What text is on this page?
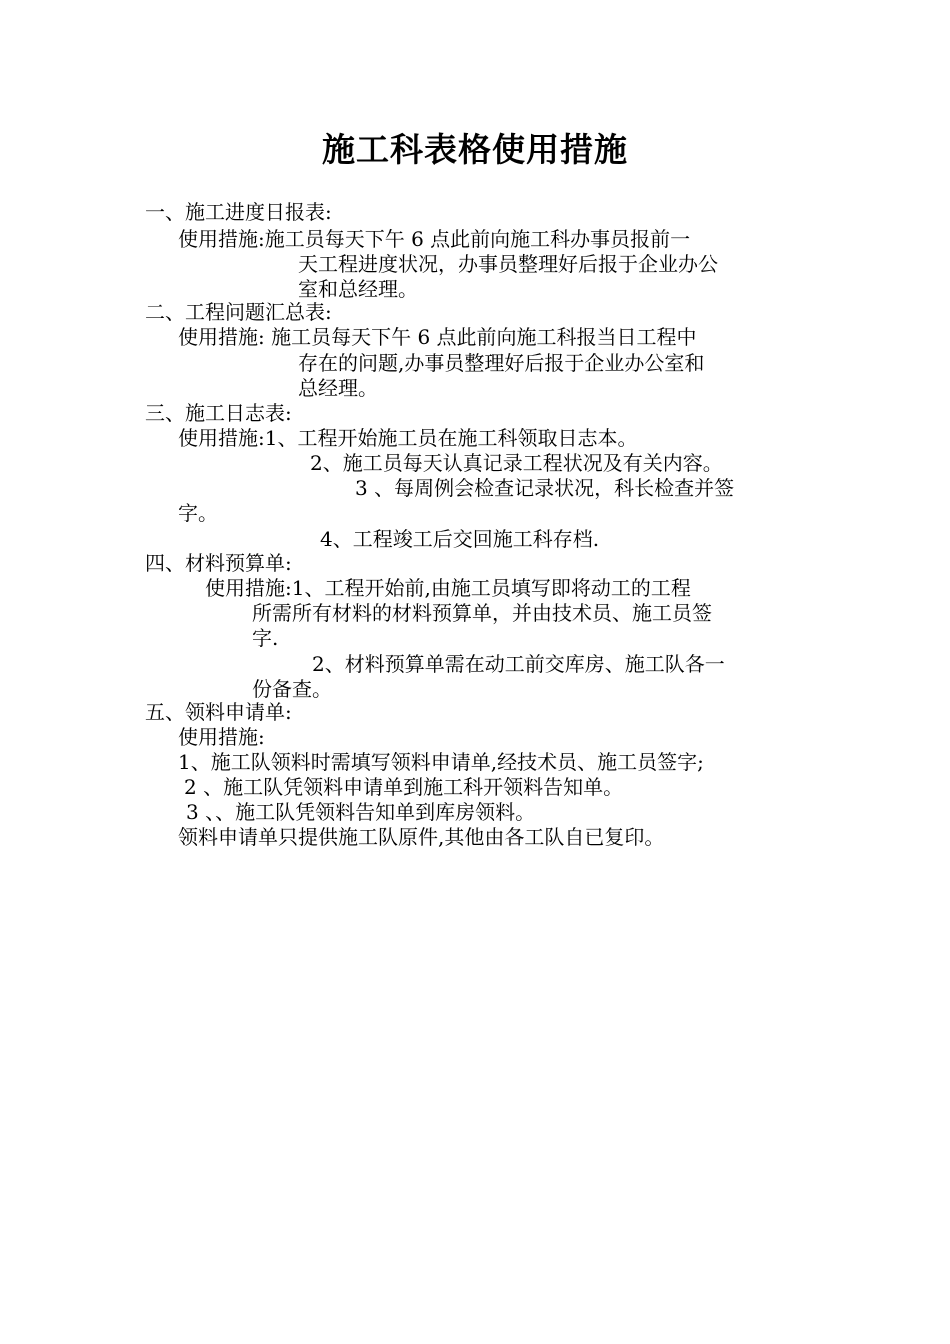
施工科表格使用措施
一、施工进度日报表:
使用措施:施工员每天下午 6 点此前向施工科办事员报前一
天工程进度状况，办事员整理好后报于企业办公
室和总经理。
二、工程问题汇总表:
使用措施: 施工员每天下午 6 点此前向施工科报当日工程中
存在的问题,办事员整理好后报于企业办公室和
总经理。
三、施工日志表:
使用措施:1、工程开始施工员在施工科领取日志本。
2、施工员每天认真记录工程状况及有关内容。
3 、每周例会检查记录状况，科长检查并签
字。
4、工程竣工后交回施工科存档.
四、材料预算单:
使用措施:1、工程开始前,由施工员填写即将动工的工程
所需所有材料的材料预算单，并由技术员、施工员签
字.
2、材料预算单需在动工前交库房、施工队各一
份备查。
五、领料申请单:
使用措施:
1、施工队领料时需填写领料申请单,经技术员、施工员签字;
2 、施工队凭领料申请单到施工科开领料告知单。
3 、、施工队凭领料告知单到库房领料。
领料申请单只提供施工队原件,其他由各工队自已复印。
